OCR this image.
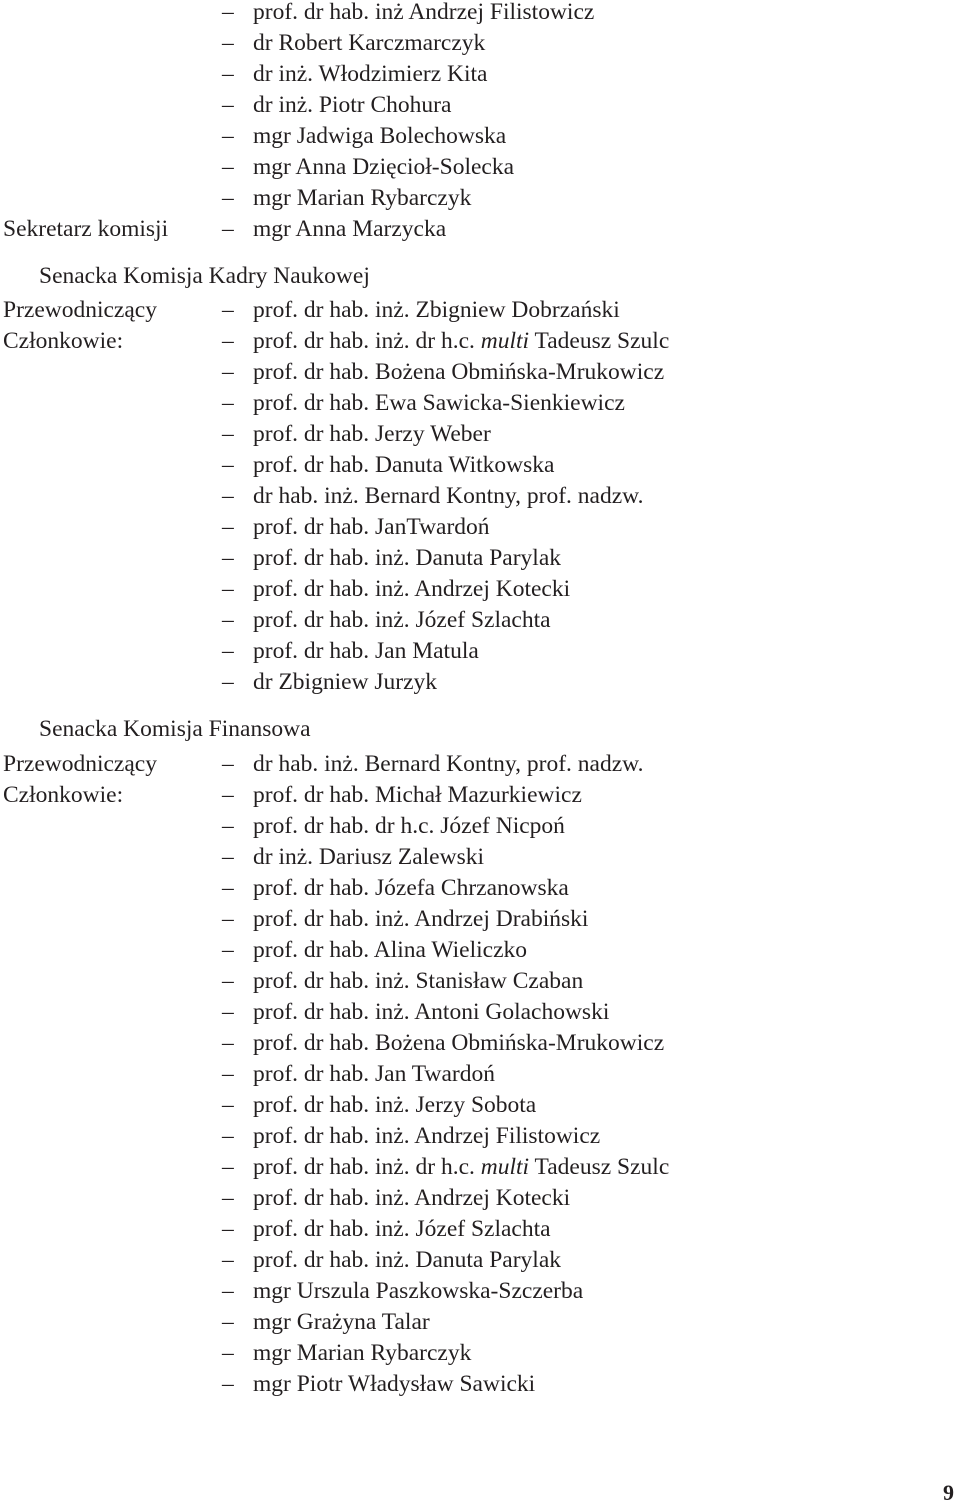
– prof. dr hab. inż Andrzej Filistowicz
– dr Robert Karczmarczyk
– dr inż. Włodzimierz Kita
– dr inż. Piotr Chohura
– mgr Jadwiga Bolechowska
– mgr Anna Dzięcioł-Solecka
– mgr Marian Rybarczyk
Sekretarz komisji – mgr Anna Marzycka
Senacka Komisja Kadry Naukowej
Przewodniczący	– prof. dr hab. inż. Zbigniew Dobrzański
Członkowie:	– prof. dr hab. inż. dr h.c. multi Tadeusz Szulc
– prof. dr hab. Bożena Obmińska-Mrukowicz
– prof. dr hab. Ewa Sawicka-Sienkiewicz
– prof. dr hab. Jerzy Weber
– prof. dr hab. Danuta Witkowska
– dr hab. inż. Bernard Kontny, prof. nadzw.
– prof. dr hab. JanTwardoń
– prof. dr hab. inż. Danuta Parylak
– prof. dr hab. inż. Andrzej Kotecki
– prof. dr hab. inż. Józef Szlachta
– prof. dr hab. Jan Matula
– dr Zbigniew Jurzyk
Senacka Komisja Finansowa
Przewodniczący	– dr hab. inż. Bernard Kontny, prof. nadzw.
Członkowie:	– prof. dr hab. Michał Mazurkiewicz
– prof. dr hab. dr h.c. Józef Nicpoń
– dr inż. Dariusz Zalewski
– prof. dr hab. Józefa Chrzanowska
– prof. dr hab. inż. Andrzej Drabiński
– prof. dr hab. Alina Wieliczko
– prof. dr hab. inż. Stanisław Czaban
– prof. dr hab. inż. Antoni Golachowski
– prof. dr hab. Bożena Obmińska-Mrukowicz
– prof. dr hab. Jan Twardoń
– prof. dr hab. inż. Jerzy Sobota
– prof. dr hab. inż. Andrzej Filistowicz
– prof. dr hab. inż. dr h.c. multi Tadeusz Szulc
– prof. dr hab. inż. Andrzej Kotecki
– prof. dr hab. inż. Józef Szlachta
– prof. dr hab. inż. Danuta Parylak
– mgr Urszula Paszkowska-Szczerba
– mgr Grażyna Talar
– mgr Marian Rybarczyk
– mgr Piotr Władysław Sawicki
9
